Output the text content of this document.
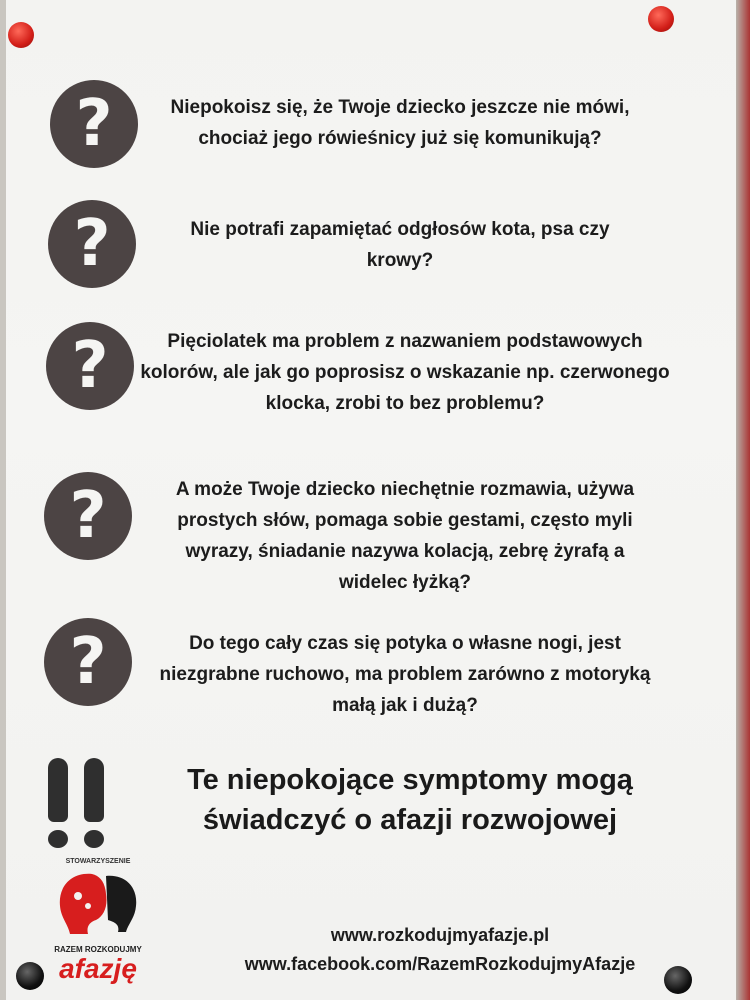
?	Niepokoisz się, że Twoje dziecko jeszcze nie mówi, chociaż jego rówieśnicy już się komunikują?
?	Nie potrafi zapamiętać odgłosów kota, psa czy krowy?
?	Pięciolatek ma problem z nazwaniem podstawowych kolorów, ale jak go poprosisz o wskazanie np. czerwonego klocka, zrobi to bez problemu?
?	A może Twoje dziecko niechętnie rozmawia, używa prostych słów, pomaga sobie gestami, często myli wyrazy, śniadanie nazywa kolacją, zebrę żyrafą a widelec łyżką?
?	Do tego cały czas się potyka o własne nogi, jest niezgrabne ruchowo, ma problem zarówno z motoryką małą jak i dużą?
Te niepokojące symptomy mogą
świadczyć o afazji rozwojowej
STOWARZYSZENIE
RAZEM ROZKODUJMY
afazję
www.rozkodujmyafazje.pl
www.facebook.com/RazemRozkodujmyAfazje
